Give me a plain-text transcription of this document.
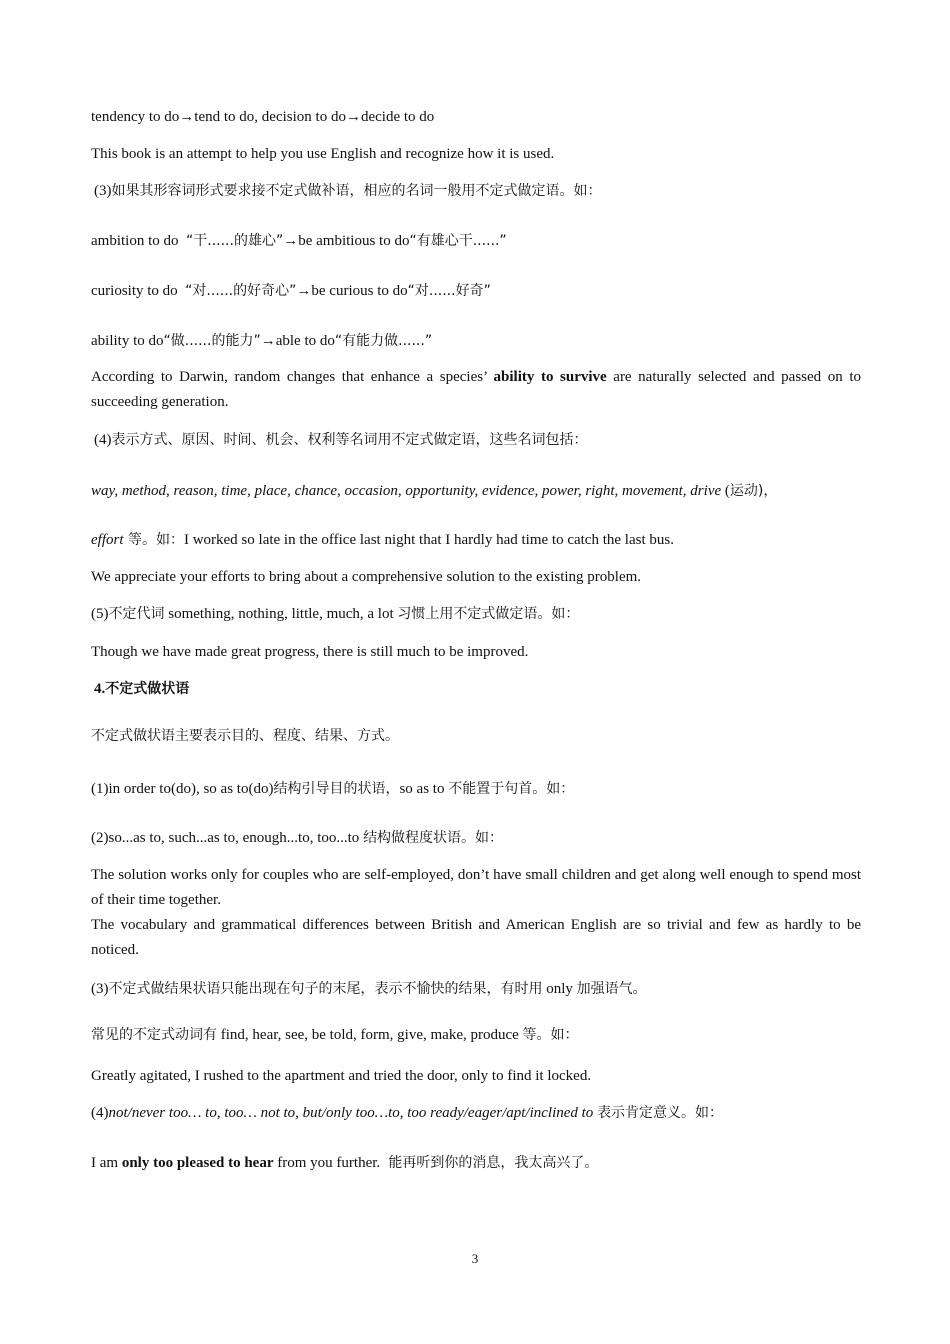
tendency to do→tend to do, decision to do→decide to do

This book is an attempt to help you use English and recognize how it is used.

(3)如果其形容词形式要求接不定式做补语，相应的名词一般用不定式做定语。如：

ambition to do  “干......的雄心”→be ambitious to do“有雄心干......”

curiosity to do  “对......的好奇心”→be curious to do“对......好奇”

ability to do“做......的能力”→able to do“有能力做......”

According to Darwin, random changes that enhance a species’ ability to survive are naturally selected and passed on to succeeding generation.

(4)表示方式、原因、时间、机会、权利等名词用不定式做定语，这些名词包括：

way, method, reason, time, place, chance, occasion, opportunity, evidence, power, right, movement, drive (运动)，

effort 等。如：I worked so late in the office last night that I hardly had time to catch the last bus.

We appreciate your efforts to bring about a comprehensive solution to the existing problem.

(5)不定代词 something, nothing, little, much, a lot 习惯上用不定式做定语。如：

Though we have made great progress, there is still much to be improved.

4.不定式做状语

不定式做状语主要表示目的、程度、结果、方式。

(1)in order to(do), so as to(do)结构引导目的状语，so as to 不能置于句首。如：

(2)so...as to, such...as to, enough...to, too...to 结构做程度状语。如：

The solution works only for couples who are self-employed, don’t have small children and get along well enough to spend most of their time together.

The vocabulary and grammatical differences between British and American English are so trivial and few as hardly to be noticed.

(3)不定式做结果状语只能出现在句子的末尾，表示不愉快的结果，有时用 only 加强语气。

常见的不定式动词有 find, hear, see, be told, form, give, make, produce 等。如：

Greatly agitated, I rushed to the apartment and tried the door, only to find it locked.

(4)not/never too… to, too… not to, but/only too…to, too ready/eager/apt/inclined to 表示肯定意义。如：

I am only too pleased to hear from you further.  能再听到你的消息，我太高兴了。

3
